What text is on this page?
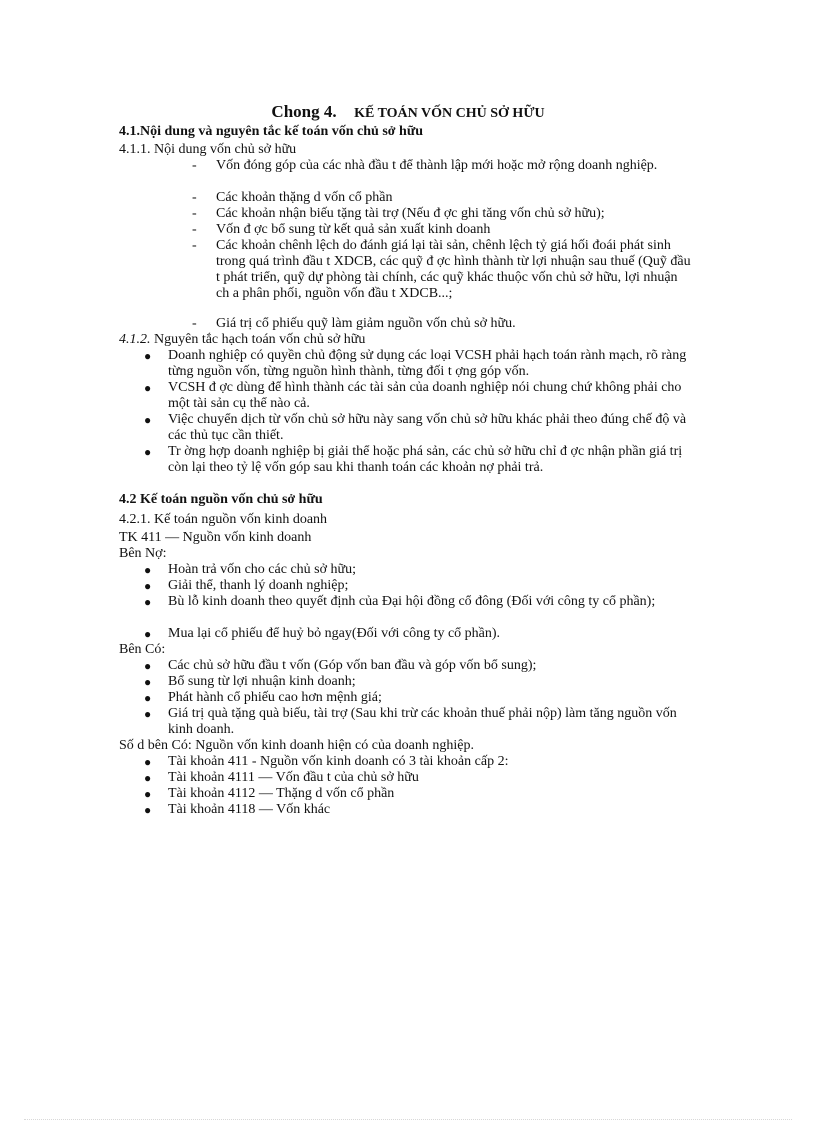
Chong 4. KẾ TOÁN VỐN CHỦ SỞ HỮU
4.1.Nội dung và nguyên tắc kế toán vốn chủ sở hữu
4.1.1. Nội dung vốn chủ sở hữu
- Vốn đóng góp của các nhà đầu t để thành lập mới hoặc mở rộng doanh nghiệp.
- Các khoản thặng d vốn cổ phần
- Các khoản nhận biếu tặng tài trợ (Nếu đ ợc ghi tăng vốn chủ sở hữu);
- Vốn đ ợc bổ sung từ kết quả sản xuất kinh doanh
- Các khoản chênh lệch do đánh giá lại tài sản, chênh lệch tỷ giá hối đoái phát sinh trong quá trình đầu t XDCB, các quỹ đ ợc hình thành từ lợi nhuận sau thuế (Quỹ đầu t phát triển, quỹ dự phòng tài chính, các quỹ khác thuộc vốn chủ sở hữu, lợi nhuận ch a phân phối, nguồn vốn đầu t XDCB...;
- Giá trị cổ phiếu quỹ làm giảm nguồn vốn chủ sở hữu.
4.1.2. Nguyên tắc hạch toán vốn chủ sở hữu
● Doanh nghiệp có quyền chủ động sử dụng các loại VCSH phải hạch toán rành mạch, rõ ràng từng nguồn vốn, từng nguồn hình thành, từng đối t ợng góp vốn.
● VCSH đ ợc dùng để hình thành các tài sản của doanh nghiệp nói chung chứ không phải cho một tài sản cụ thể nào cả.
● Việc chuyển dịch từ vốn chủ sở hữu này sang vốn chủ sở hữu khác phải theo đúng chế độ và các thủ tục cần thiết.
● Tr ờng hợp doanh nghiệp bị giải thể hoặc phá sản, các chủ sở hữu chỉ đ ợc nhận phần giá trị còn lại theo tỷ lệ vốn góp sau khi thanh toán các khoản nợ phải trả.
4.2 Kế toán nguồn vốn chủ sở hữu
4.2.1. Kế toán nguồn vốn kinh doanh
TK 411 — Nguồn vốn kinh doanh
Bên Nợ:
● Hoàn trả vốn cho các chủ sở hữu;
● Giải thể, thanh lý doanh nghiệp;
● Bù lỗ kinh doanh theo quyết định của Đại hội đồng cổ đông (Đối với công ty cổ phần);
● Mua lại cổ phiếu để huỷ bỏ ngay(Đối với công ty cổ phần).
Bên Có:
● Các chủ sở hữu đầu t vốn (Góp vốn ban đầu và góp vốn bổ sung);
● Bổ sung từ lợi nhuận kinh doanh;
● Phát hành cổ phiếu cao hơn mệnh giá;
● Giá trị quà tặng quà biếu, tài trợ (Sau khi trừ các khoản thuế phải nộp) làm tăng nguồn vốn kinh doanh.
Số d bên Có: Nguồn vốn kinh doanh hiện có của doanh nghiệp.
● Tài khoản 411 - Nguồn vốn kinh doanh có 3 tài khoản cấp 2:
● Tài khoản 4111 — Vốn đầu t của chủ sở hữu
● Tài khoản 4112 — Thặng d vốn cổ phần
● Tài khoản 4118 — Vốn khác
